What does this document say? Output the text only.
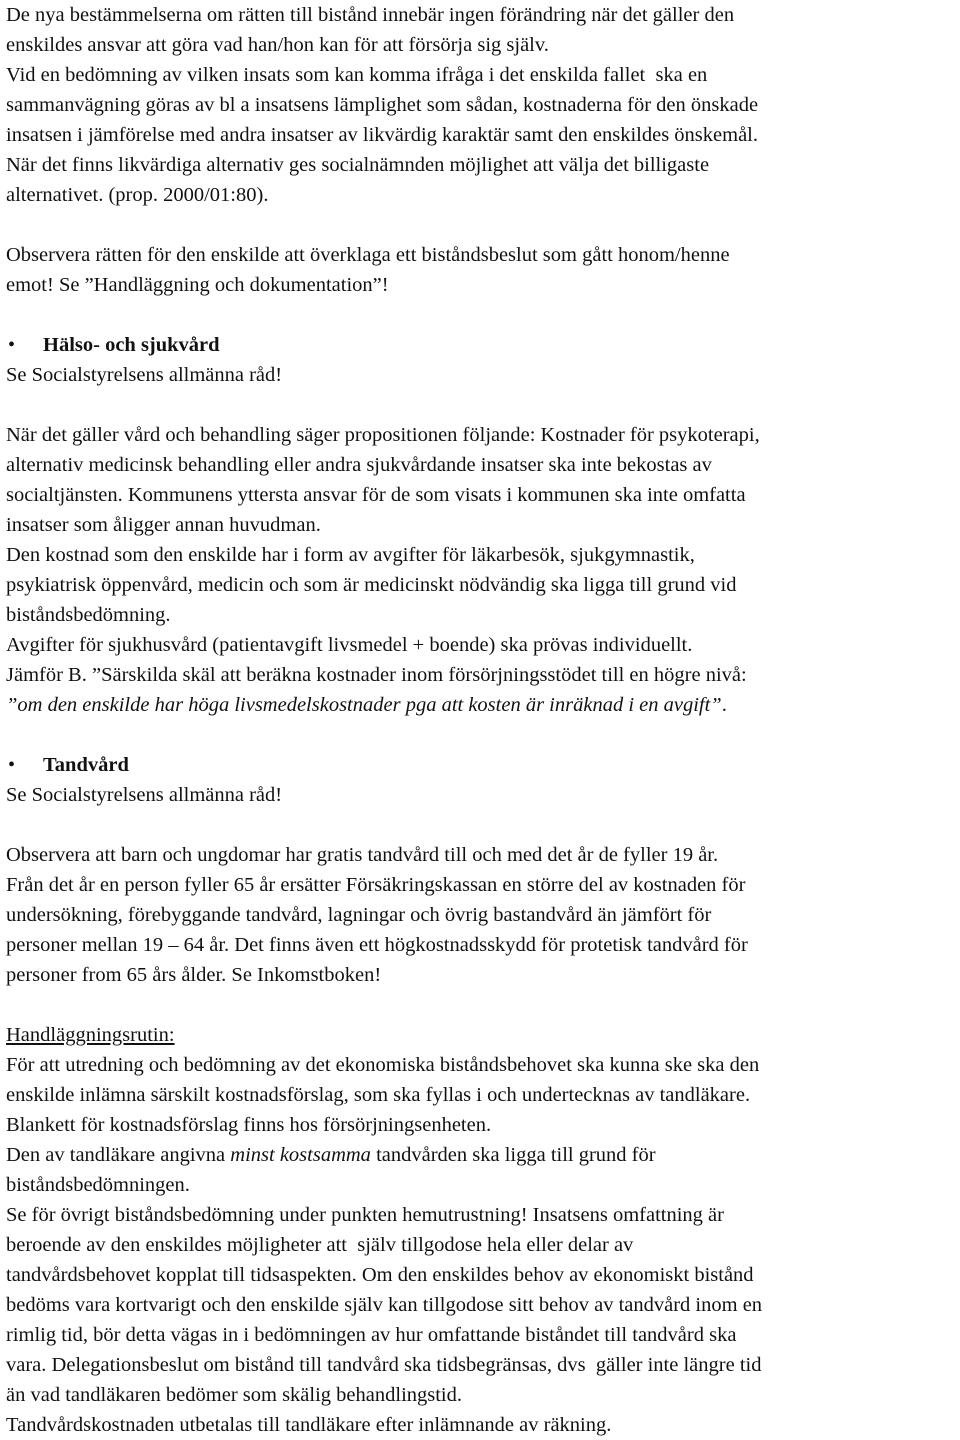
De nya bestämmelserna om rätten till bistånd innebär ingen förändring när det gäller den
enskildes ansvar att göra vad han/hon kan för att försörja sig själv.
Vid en bedömning av vilken insats som kan komma ifråga i det enskilda fallet  ska en
sammanvägning göras av bl a insatsens lämplighet som sådan, kostnaderna för den önskade
insatsen i jämförelse med andra insatser av likvärdig karaktär samt den enskildes önskemål.
När det finns likvärdiga alternativ ges socialnämnden möjlighet att välja det billigaste
alternativet. (prop. 2000/01:80).
Observera rätten för den enskilde att överklaga ett biståndsbeslut som gått honom/henne
emot! Se ”Handläggning och dokumentation”!

•

Hälso- och sjukvård

Se Socialstyrelsens allmänna råd!
När det gäller vård och behandling säger propositionen följande: Kostnader för psykoterapi,
alternativ medicinsk behandling eller andra sjukvårdande insatser ska inte bekostas av
socialtjänsten. Kommunens yttersta ansvar för de som visats i kommunen ska inte omfatta
insatser som åligger annan huvudman.
Den kostnad som den enskilde har i form av avgifter för läkarbesök, sjukgymnastik,
psykiatrisk öppenvård, medicin och som är medicinskt nödvändig ska ligga till grund vid
biståndsbedömning.
Avgifter för sjukhusvård (patientavgift livsmedel + boende) ska prövas individuellt.
Jämför B. ”Särskilda skäl att beräkna kostnader inom försörjningsstödet till en högre nivå:
”om den enskilde har höga livsmedelskostnader pga att kosten är inräknad i en avgift”.

•

Tandvård

Se Socialstyrelsens allmänna råd!
Observera att barn och ungdomar har gratis tandvård till och med det år de fyller 19 år.
Från det år en person fyller 65 år ersätter Försäkringskassan en större del av kostnaden för
undersökning, förebyggande tandvård, lagningar och övrig bastandvård än jämfört för
personer mellan 19 – 64 år. Det finns även ett högkostnadsskydd för protetisk tandvård för
personer from 65 års ålder. Se Inkomstboken!
Handläggningsrutin:
För att utredning och bedömning av det ekonomiska biståndsbehovet ska kunna ske ska den
enskilde inlämna särskilt kostnadsförslag, som ska fyllas i och undertecknas av tandläkare.
Blankett för kostnadsförslag finns hos försörjningsenheten.
Den av tandläkare angivna minst kostsamma tandvården ska ligga till grund för
biståndsbedömningen.
Se för övrigt biståndsbedömning under punkten hemutrustning! Insatsens omfattning är
beroende av den enskildes möjligheter att  själv tillgodose hela eller delar av
tandvårdsbehovet kopplat till tidsaspekten. Om den enskildes behov av ekonomiskt bistånd
bedöms vara kortvarigt och den enskilde själv kan tillgodose sitt behov av tandvård inom en
rimlig tid, bör detta vägas in i bedömningen av hur omfattande biståndet till tandvård ska
vara. Delegationsbeslut om bistånd till tandvård ska tidsbegränsas, dvs  gäller inte längre tid
än vad tandläkaren bedömer som skälig behandlingstid.
Tandvårdskostnaden utbetalas till tandläkare efter inlämnande av räkning.
